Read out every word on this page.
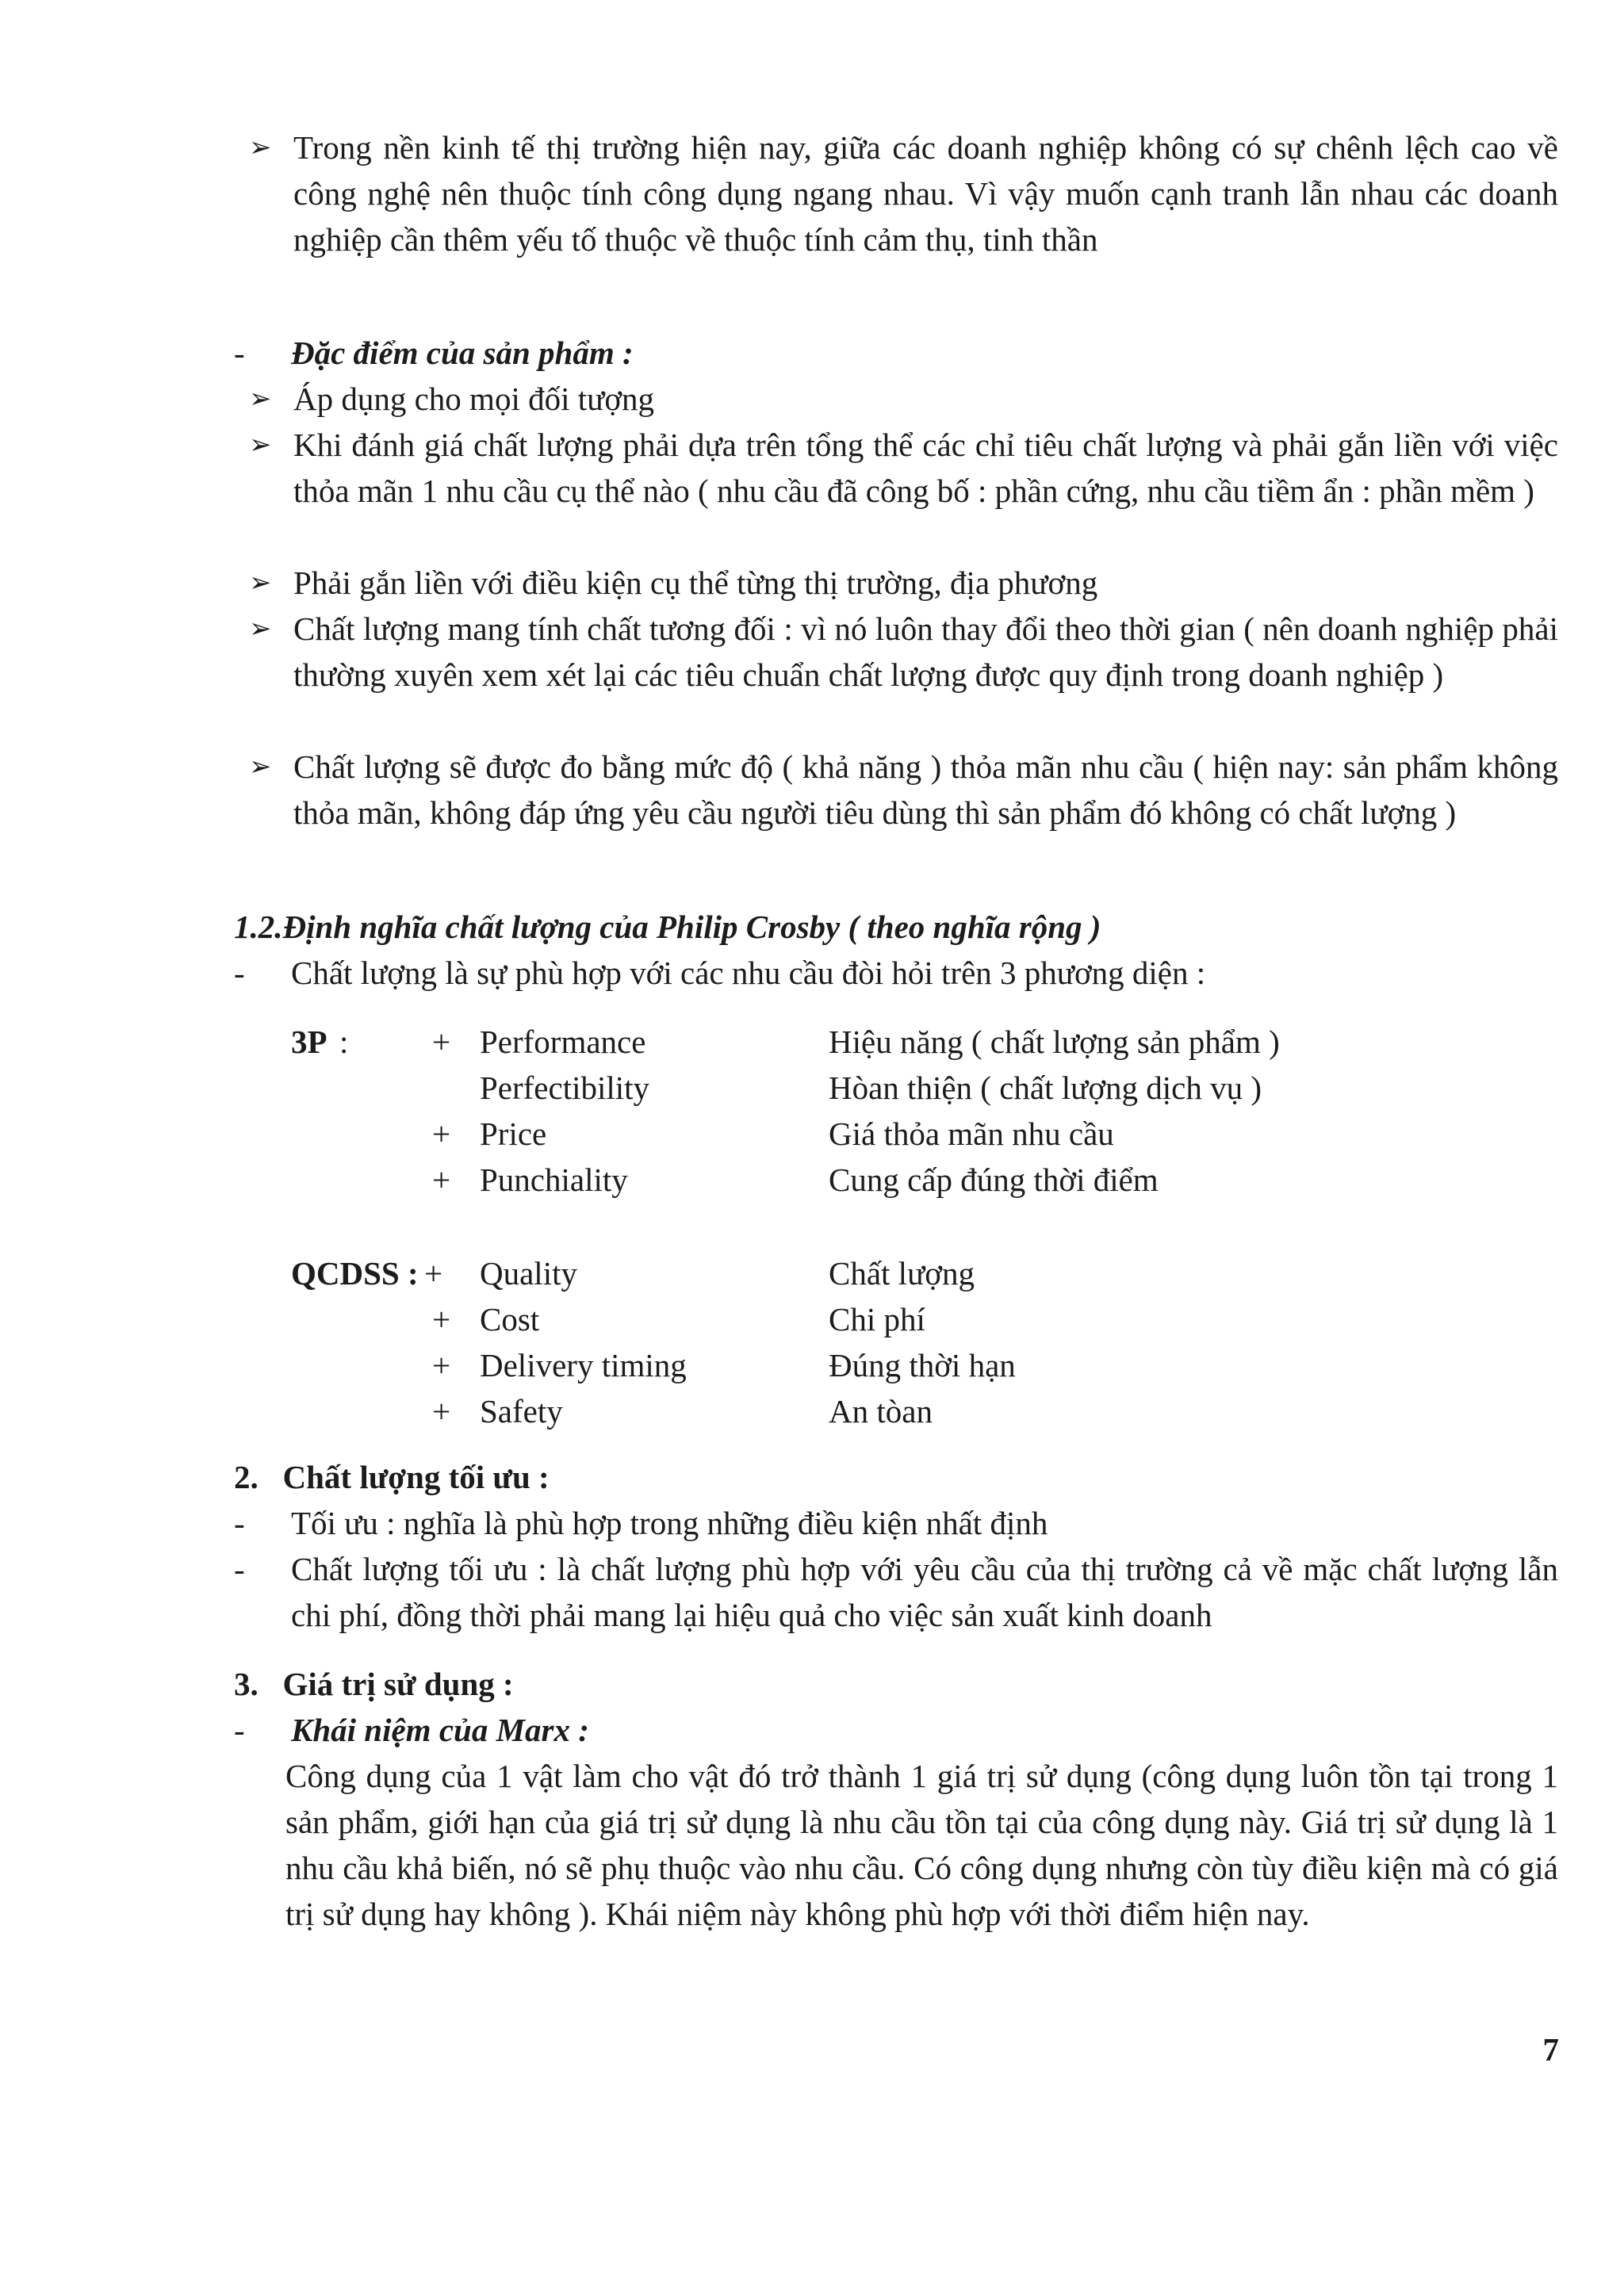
➢ Trong nền kinh tế thị trường hiện nay, giữa các doanh nghiệp không có sự chênh lệch cao về công nghệ nên thuộc tính công dụng ngang nhau. Vì vậy muốn cạnh tranh lẫn nhau các doanh nghiệp cần thêm yếu tố thuộc về thuộc tính cảm thụ, tinh thần
- Đặc điểm của sản phẩm :
➢ Áp dụng cho mọi đối tượng
➢ Khi đánh giá chất lượng phải dựa trên tổng thể các chỉ tiêu chất lượng và phải gắn liền với việc thỏa mãn 1 nhu cầu cụ thể nào ( nhu cầu đã công bố : phần cứng, nhu cầu tiềm ẩn : phần mềm )
➢ Phải gắn liền với điều kiện cụ thể từng thị trường, địa phương
➢ Chất lượng mang tính chất tương đối : vì nó luôn thay đổi theo thời gian ( nên doanh nghiệp phải thường xuyên xem xét lại các tiêu chuẩn chất lượng được quy định trong doanh nghiệp )
➢ Chất lượng sẽ được đo bằng mức độ ( khả năng ) thỏa mãn nhu cầu ( hiện nay: sản phẩm không thỏa mãn, không đáp ứng yêu cầu người tiêu dùng thì sản phẩm đó không có chất lượng )
1.2.Định nghĩa chất lượng của Philip Crosby ( theo nghĩa rộng )
- Chất lượng là sự phù hợp với các nhu cầu đòi hỏi trên 3 phương diện :
3P :	+ Performance	Hiệu năng ( chất lượng sản phẩm )
Perfectibility	Hòan thiện ( chất lượng dịch vụ )
+ Price	Giá thỏa mãn nhu cầu
+ Punchiality	Cung cấp đúng thời điểm
QCDSS : + Quality	Chất lượng
+ Cost	Chi phí
+ Delivery timing	Đúng thời hạn
+ Safety	An tòan
2.   Chất lượng tối ưu :
- Tối ưu : nghĩa là phù hợp trong những điều kiện nhất định
- Chất lượng tối ưu : là chất lượng phù hợp với yêu cầu của thị trường cả về mặc chất lượng lẫn chi phí, đồng thời phải mang lại hiệu quả cho việc sản xuất kinh doanh
3.   Giá trị sử dụng :
- Khái niệm của Marx :
Công dụng của 1 vật làm cho vật đó trở thành 1 giá trị sử dụng (công dụng luôn tồn tại trong 1 sản phẩm, giới hạn của giá trị sử dụng là nhu cầu tồn tại của công dụng này. Giá trị sử dụng là 1 nhu cầu khả biến, nó sẽ phụ thuộc vào nhu cầu. Có công dụng nhưng còn tùy điều kiện mà có giá trị sử dụng hay không ). Khái niệm này không phù hợp với thời điểm hiện nay.
7
